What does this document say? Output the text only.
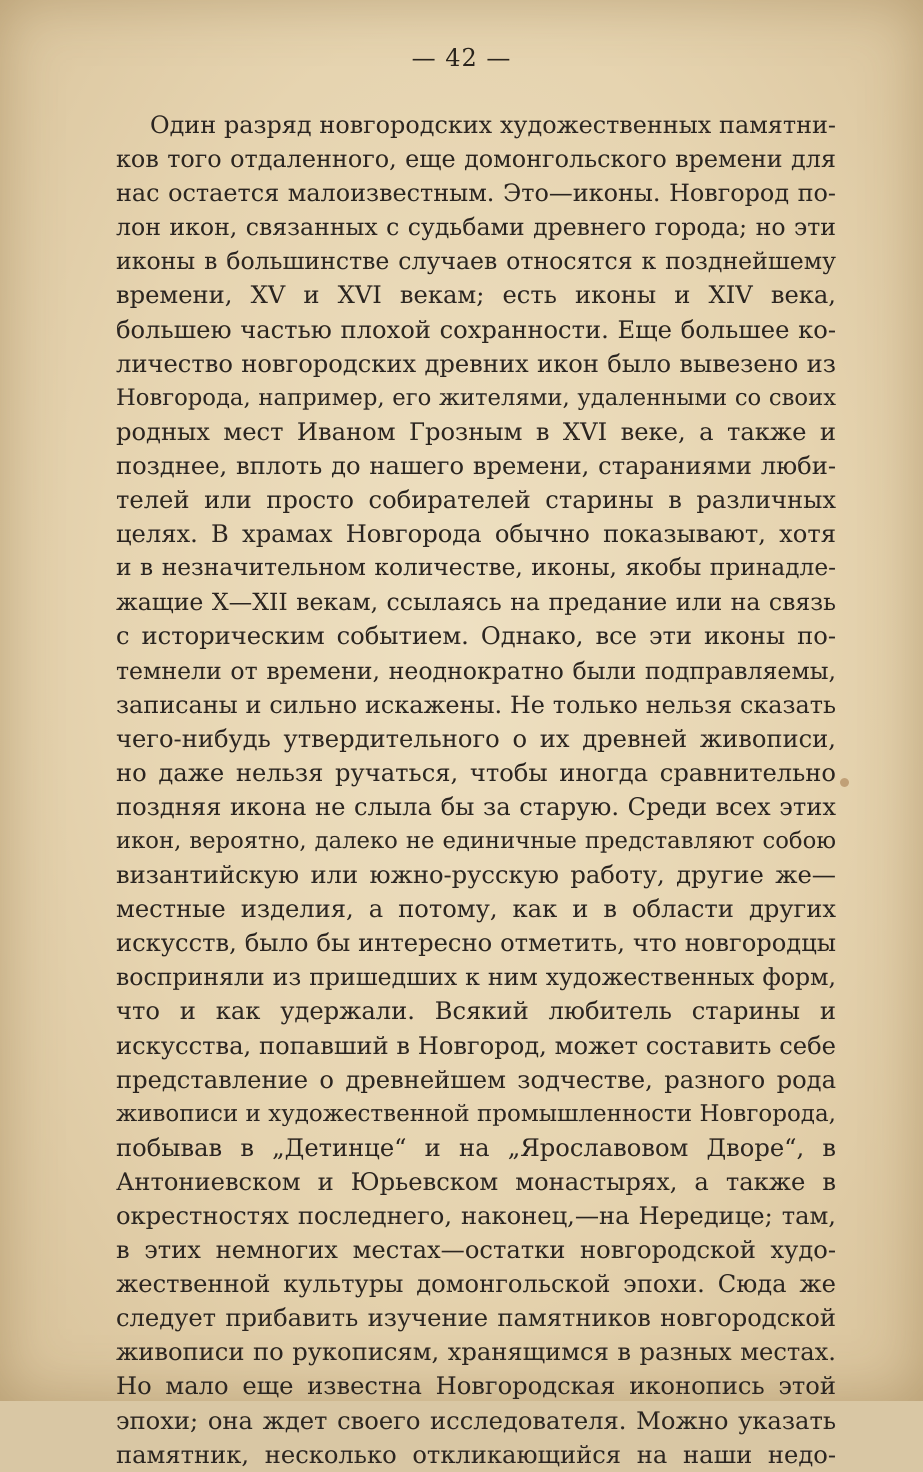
— 42 —
Один разряд новгородских художественных памятни-
ков того отдаленного, еще домонгольского времени для
нас остается малоизвестным. Это—иконы. Новгород по-
лон икон, связанных с судьбами древнего города; но эти
иконы в большинстве случаев относятся к позднейшему
времени, XV и XVI векам; есть иконы и XIV века,
большею частью плохой сохранности. Еще большее ко-
личество новгородских древних икон было вывезено из
Новгорода, например, его жителями, удаленными со своих
родных мест Иваном Грозным в XVI веке, а также и
позднее, вплоть до нашего времени, стараниями люби-
телей или просто собирателей старины в различных
целях. В храмах Новгорода обычно показывают, хотя
и в незначительном количестве, иконы, якобы принадле-
жащие X—XII векам, ссылаясь на предание или на связь
с историческим событием. Однако, все эти иконы по-
темнели от времени, неоднократно были подправляемы,
записаны и сильно искажены. Не только нельзя сказать
чего-нибудь утвердительного о их древней живописи,
но даже нельзя ручаться, чтобы иногда сравнительно
поздняя икона не слыла бы за старую. Среди всех этих
икон, вероятно, далеко не единичные представляют собою
византийскую или южно-русскую работу, другие же—
местные изделия, а потому, как и в области других
искусств, было бы интересно отметить, что новгородцы
восприняли из пришедших к ним художественных форм,
что и как удержали. Всякий любитель старины и
искусства, попавший в Новгород, может составить себе
представление о древнейшем зодчестве, разного рода
живописи и художественной промышленности Новгорода,
побывав в „Детинце“ и на „Ярославовом Дворе“, в
Антониевском и Юрьевском монастырях, а также в
окрестностях последнего, наконец,—на Нередице; там,
в этих немногих местах—остатки новгородской худо-
жественной культуры домонгольской эпохи. Сюда же
следует прибавить изучение памятников новгородской
живописи по рукописям, хранящимся в разных местах.
Но мало еще известна Новгородская иконопись этой
эпохи; она ждет своего исследователя. Можно указать
памятник, несколько откликающийся на наши недо-
